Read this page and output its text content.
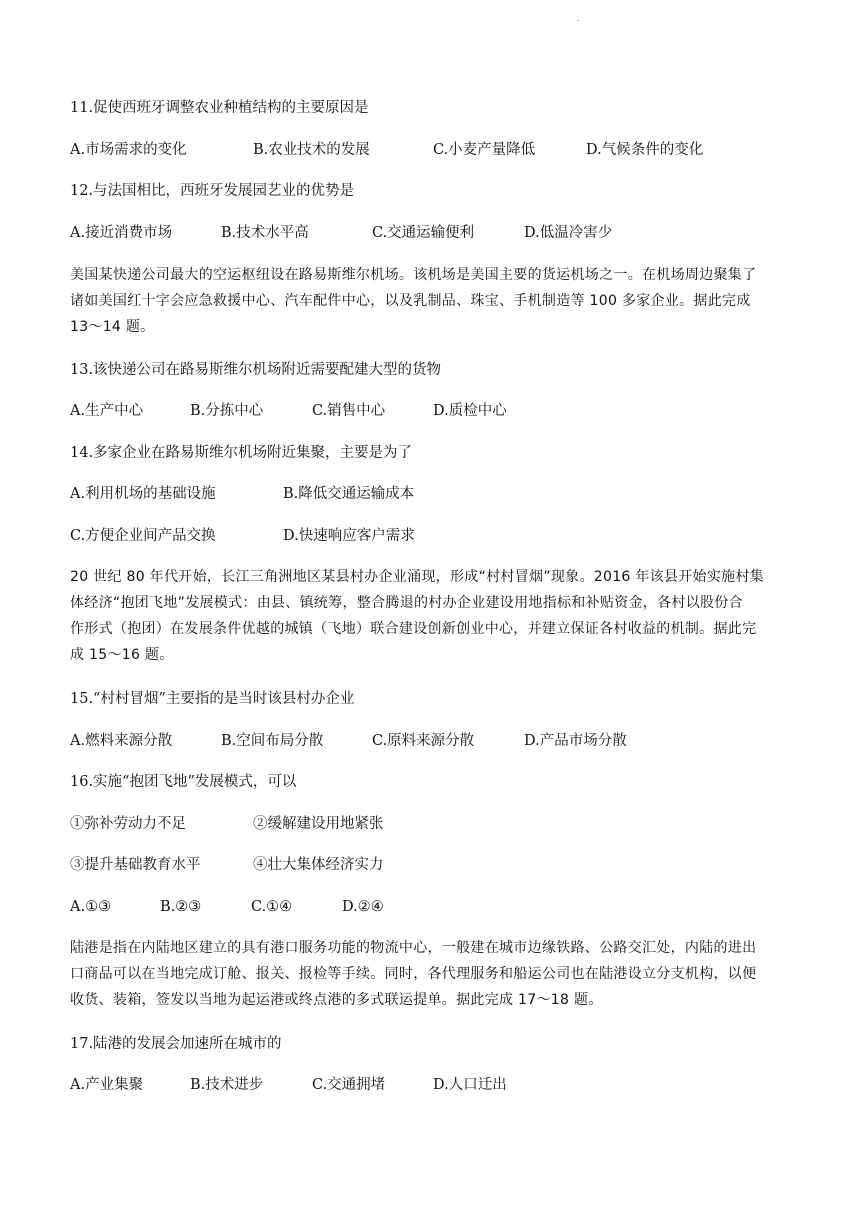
.
11.促使西班牙调整农业种植结构的主要原因是
A.市场需求的变化	B.农业技术的发展	C.小麦产量降低	D.气候条件的变化
12.与法国相比，西班牙发展园艺业的优势是
A.接近消费市场	B.技术水平高	C.交通运输便利	D.低温冷害少
美国某快递公司最大的空运枢纽设在路易斯维尔机场。该机场是美国主要的货运机场之一。在机场周边聚集了
诸如美国红十字会应急救援中心、汽车配件中心，以及乳制品、珠宝、手机制造等 100 多家企业。据此完成
13～14 题。
13.该快递公司在路易斯维尔机场附近需要配建大型的货物
A.生产中心	B.分拣中心	C.销售中心	D.质检中心
14.多家企业在路易斯维尔机场附近集聚，主要是为了
A.利用机场的基础设施	B.降低交通运输成本
C.方便企业间产品交换	D.快速响应客户需求
20 世纪 80 年代开始，长江三角洲地区某县村办企业涌现，形成“村村冒烟”现象。2016 年该县开始实施村集
体经济“抱团飞地”发展模式：由县、镇统筹，整合腾退的村办企业建设用地指标和补贴资金，各村以股份合
作形式（抱团）在发展条件优越的城镇（飞地）联合建设创新创业中心，并建立保证各村收益的机制。据此完
成 15～16 题。
15.“村村冒烟”主要指的是当时该县村办企业
A.燃料来源分散	B.空间布局分散	C.原料来源分散	D.产品市场分散
16.实施“抱团飞地”发展模式，可以
①弥补劳动力不足	②缓解建设用地紧张
③提升基础教育水平	④壮大集体经济实力
A.①③	B.②③	C.①④	D.②④
陆港是指在内陆地区建立的具有港口服务功能的物流中心，一般建在城市边缘铁路、公路交汇处，内陆的进出
口商品可以在当地完成订舱、报关、报检等手续。同时，各代理服务和船运公司也在陆港设立分支机构，以便
收货、装箱，签发以当地为起运港或终点港的多式联运提单。据此完成 17～18 题。
17.陆港的发展会加速所在城市的
A.产业集聚	B.技术进步	C.交通拥堵	D.人口迁出
